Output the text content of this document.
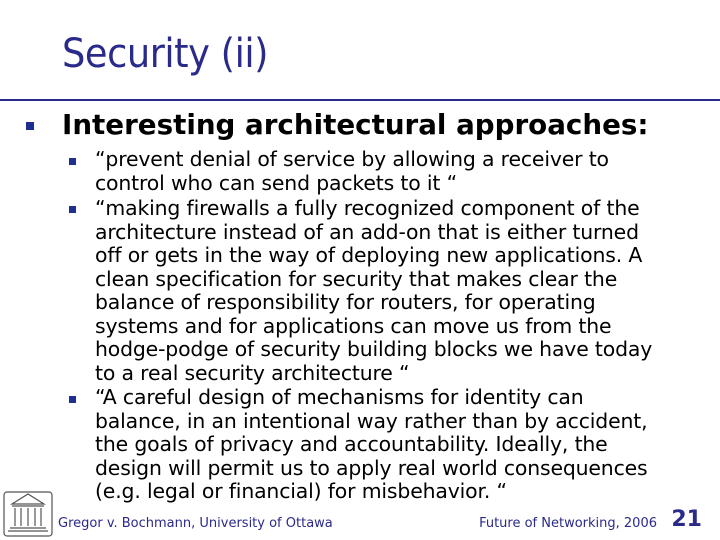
Security (ii)

Interesting architectural approaches:

“prevent denial of service by allowing a receiver to
control who can send packets to it “

“making firewalls a fully recognized component of the
architecture instead of an add-on that is either turned
off or gets in the way of deploying new applications. A
clean specification for security that makes clear the
balance of responsibility for routers, for operating
systems and for applications can move us from the
hodge-podge of security building blocks we have today
to a real security architecture “

“A careful design of mechanisms for identity can
balance, in an intentional way rather than by accident,
the goals of privacy and accountability. Ideally, the
design will permit us to apply real world consequences
(e.g. legal or financial) for misbehavior. “

Gregor v. Bochmann, University of Ottawa	Future of Networking, 2006 21
